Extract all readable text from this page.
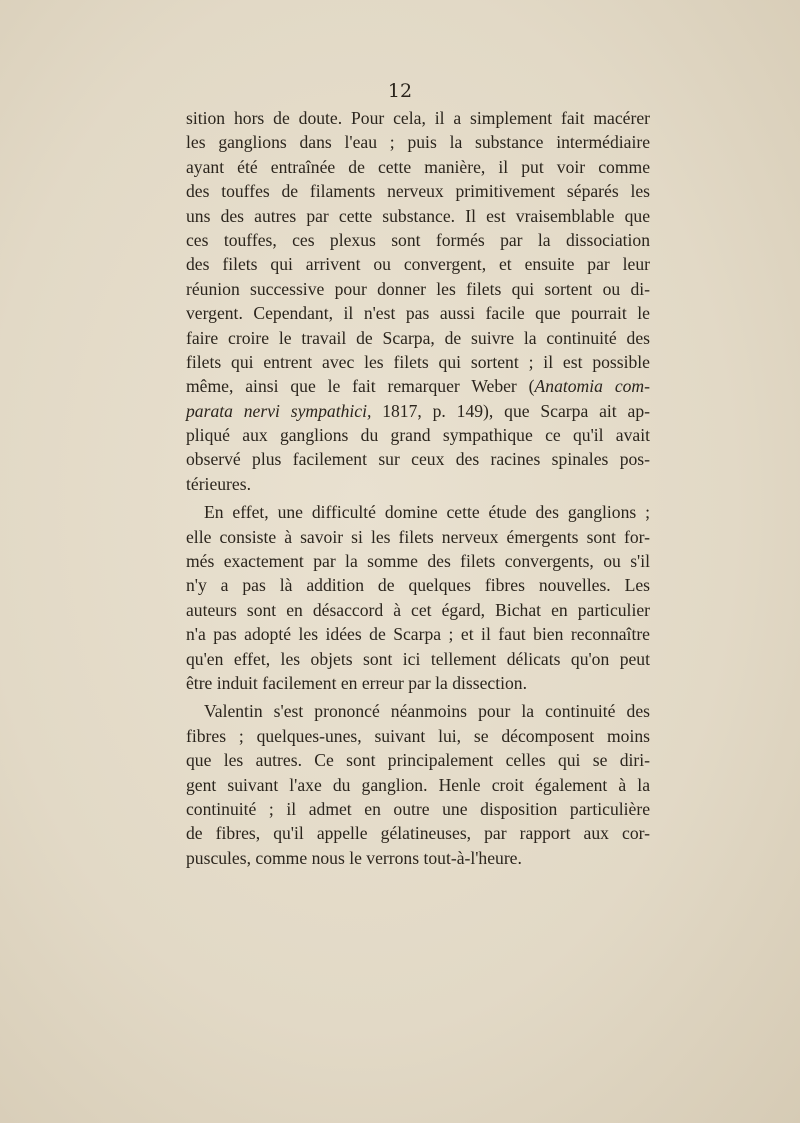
12
sition hors de doute. Pour cela, il a simplement fait macérer
les ganglions dans l'eau ; puis la substance intermédiaire
ayant été entraînée de cette manière, il put voir comme
des touffes de filaments nerveux primitivement séparés les
uns des autres par cette substance. Il est vraisemblable que
ces touffes, ces plexus sont formés par la dissociation
des filets qui arrivent ou convergent, et ensuite par leur
réunion successive pour donner les filets qui sortent ou di-
vergent. Cependant, il n'est pas aussi facile que pourrait le
faire croire le travail de Scarpa, de suivre la continuité des
filets qui entrent avec les filets qui sortent ; il est possible
même, ainsi que le fait remarquer Weber (Anatomia com-
parata nervi sympathici, 1817, p. 149), que Scarpa ait ap-
pliqué aux ganglions du grand sympathique ce qu'il avait
observé plus facilement sur ceux des racines spinales pos-
térieures.
En effet, une difficulté domine cette étude des ganglions ;
elle consiste à savoir si les filets nerveux émergents sont for-
més exactement par la somme des filets convergents, ou s'il
n'y a pas là addition de quelques fibres nouvelles. Les
auteurs sont en désaccord à cet égard, Bichat en particulier
n'a pas adopté les idées de Scarpa ; et il faut bien reconnaître
qu'en effet, les objets sont ici tellement délicats qu'on peut
être induit facilement en erreur par la dissection.
Valentin s'est prononcé néanmoins pour la continuité des
fibres ; quelques-unes, suivant lui, se décomposent moins
que les autres. Ce sont principalement celles qui se diri-
gent suivant l'axe du ganglion. Henle croit également à la
continuité ; il admet en outre une disposition particulière
de fibres, qu'il appelle gélatineuses, par rapport aux cor-
puscules, comme nous le verrons tout-à-l'heure.
